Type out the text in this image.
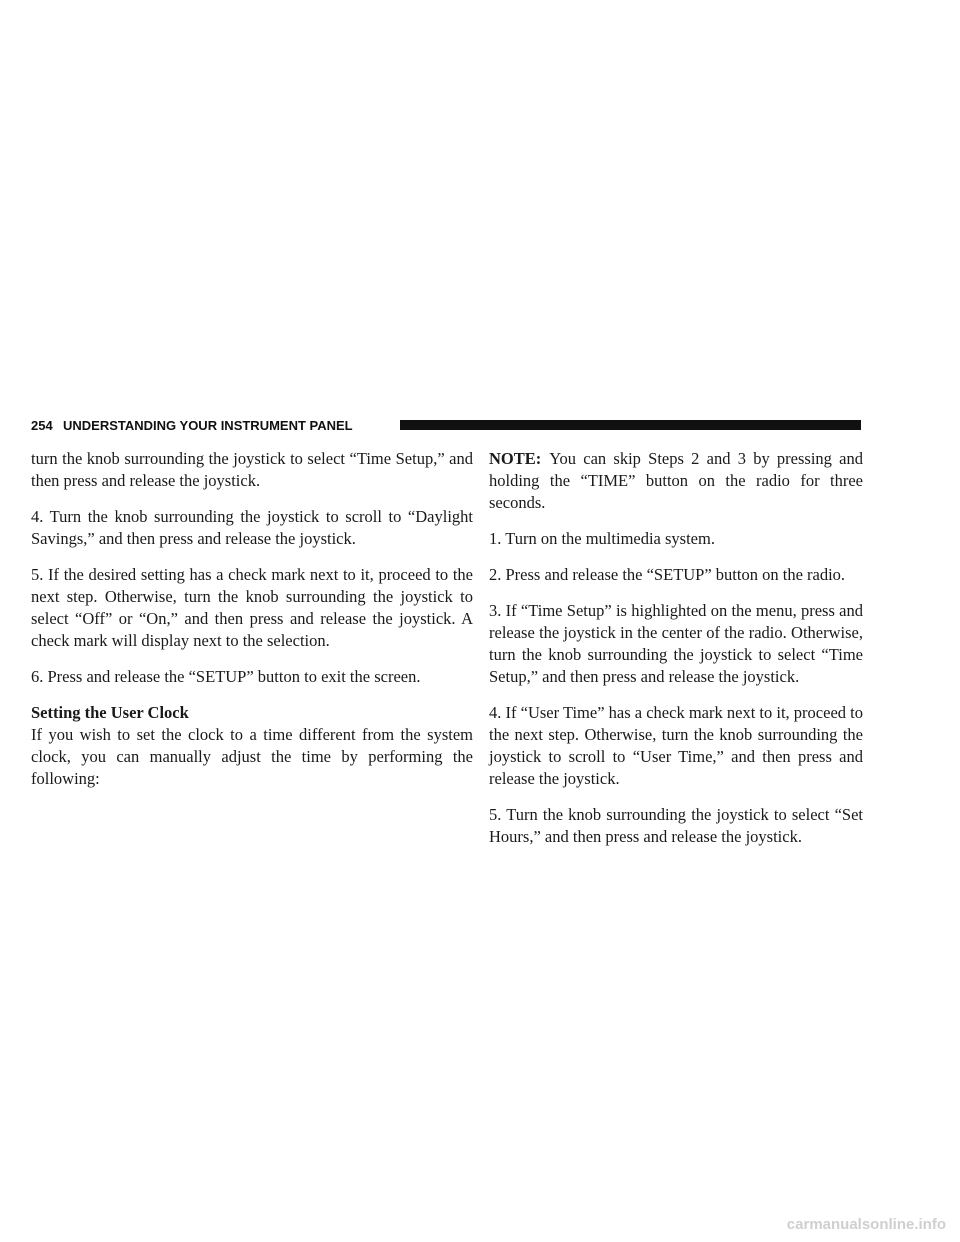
254 UNDERSTANDING YOUR INSTRUMENT PANEL

turn the knob surrounding the joystick to select “Time Setup,” and then press and release the joystick.

4. Turn the knob surrounding the joystick to scroll to “Daylight Savings,” and then press and release the joystick.

5. If the desired setting has a check mark next to it, proceed to the next step. Otherwise, turn the knob surrounding the joystick to select “Off” or “On,” and then press and release the joystick. A check mark will display next to the selection.

6. Press and release the “SETUP” button to exit the screen.

Setting the User Clock

If you wish to set the clock to a time different from the system clock, you can manually adjust the time by performing the following:

NOTE: You can skip Steps 2 and 3 by pressing and holding the “TIME” button on the radio for three seconds.

1. Turn on the multimedia system.

2. Press and release the “SETUP” button on the radio.

3. If “Time Setup” is highlighted on the menu, press and release the joystick in the center of the radio. Otherwise, turn the knob surrounding the joystick to select “Time Setup,” and then press and release the joystick.

4. If “User Time” has a check mark next to it, proceed to the next step. Otherwise, turn the knob surrounding the joystick to scroll to “User Time,” and then press and release the joystick.

5. Turn the knob surrounding the joystick to select “Set Hours,” and then press and release the joystick.

carmanualsonline.info
